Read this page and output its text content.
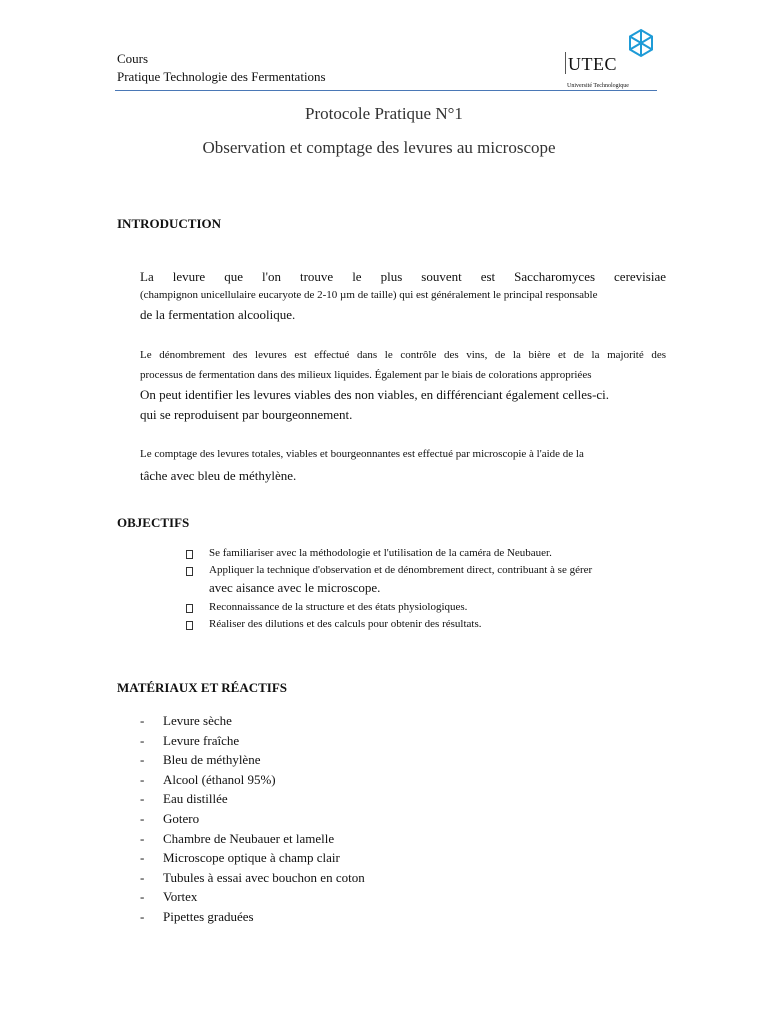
Cours
Pratique Technologie des Fermentations
UTEC
Université Technologique
Protocole Pratique N°1
Observation et comptage des levures au microscope
INTRODUCTION
La levure que l'on trouve le plus souvent est Saccharomyces cerevisiae
(champignon unicellulaire eucaryote de 2-10 µm de taille) qui est généralement le principal responsable
de la fermentation alcoolique.
Le dénombrement des levures est effectué dans le contrôle des vins, de la bière et de la majorité des
processus de fermentation dans des milieux liquides. Également par le biais de colorations appropriées
On peut identifier les levures viables des non viables, en différenciant également celles-ci.
qui se reproduisent par bourgeonnement.
Le comptage des levures totales, viables et bourgeonnantes est effectué par microscopie à l'aide de la
tâche avec bleu de méthylène.
OBJECTIFS
Se familiariser avec la méthodologie et l'utilisation de la caméra de Neubauer.
Appliquer la technique d'observation et de dénombrement direct, contribuant à se gérer
avec aisance avec le microscope.
Reconnaissance de la structure et des états physiologiques.
Réaliser des dilutions et des calculs pour obtenir des résultats.
MATÉRIAUX ET RÉACTIFS
- Levure sèche
- Levure fraîche
- Bleu de méthylène
- Alcool (éthanol 95%)
- Eau distillée
- Gotero
- Chambre de Neubauer et lamelle
- Microscope optique à champ clair
- Tubules à essai avec bouchon en coton
- Vortex
- Pipettes graduées
